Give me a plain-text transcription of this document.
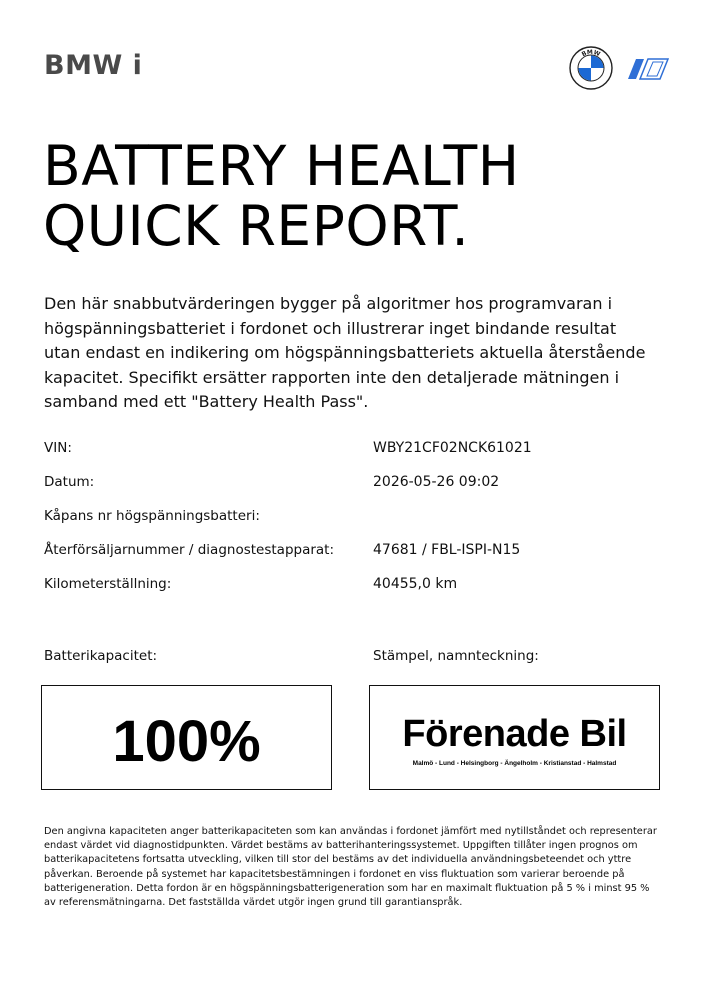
BMW i	BMW
BATTERY HEALTH
QUICK REPORT.

Den här snabbutvärderingen bygger på algoritmer hos programvaran i högspänningsbatteriet i fordonet och illustrerar inget bindande resultat utan endast en indikering om högspänningsbatteriets aktuella återstående kapacitet. Specifikt ersätter rapporten inte den detaljerade mätningen i samband med ett "Battery Health Pass".

VIN:	WBY21CF02NCK61021
Datum:	2026-05-26 09:02
Kåpans nr högspänningsbatteri:
Återförsäljarnummer / diagnostestapparat:	47681 / FBL-ISPI-N15
Kilometerställning:	40455,0 km
Batterikapacitet:	Stämpel, namnteckning:
100%	Förenade Bil
Malmö - Lund - Helsingborg - Ängelholm - Kristianstad - Halmstad

Den angivna kapaciteten anger batterikapaciteten som kan användas i fordonet jämfört med nytillståndet och representerar endast värdet vid diagnostidpunkten. Värdet bestäms av batterihanteringssystemet. Uppgiften tillåter ingen prognos om batterikapacitetens fortsatta utveckling, vilken till stor del bestäms av det individuella användningsbeteendet och yttre påverkan. Beroende på systemet har kapacitetsbestämningen i fordonet en viss fluktuation som varierar beroende på batterigeneration. Detta fordon är en högspänningsbatterigeneration som har en maximalt fluktuation på 5 % i minst 95 % av referensmätningarna. Det fastställda värdet utgör ingen grund till garantianspråk.
